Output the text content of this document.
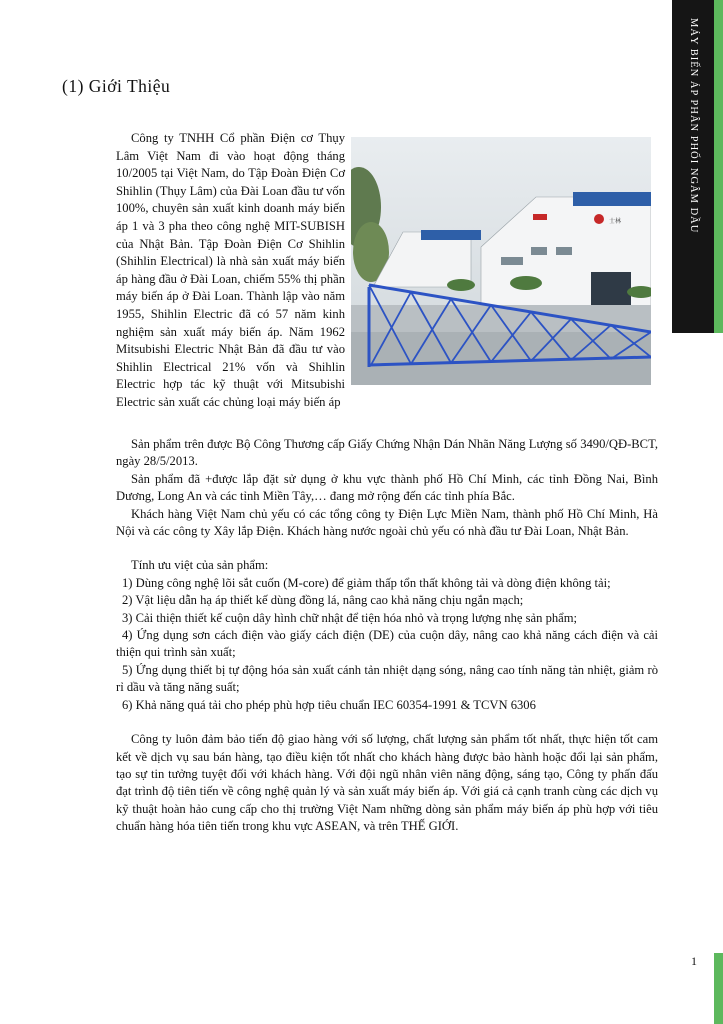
MÁY BIẾN ÁP PHÂN PHỐI NGÂM DẦU
(1) Giới Thiệu

Công ty TNHH Cổ phần Điện cơ Thụy Lâm Việt Nam đi vào hoạt động tháng 10/2005 tại Việt Nam, do Tập Đoàn Điện Cơ Shihlin (Thụy Lâm) của Đài Loan đầu tư vốn 100%, chuyên sản xuất kinh doanh máy biến áp 1 và 3 pha theo công nghệ MIT-SUBISH của Nhật Bản. Tập Đoàn Điện Cơ Shihlin (Shihlin Electrical) là nhà sản xuất máy biến áp hàng đầu ở Đài Loan, chiếm 55% thị phần máy biến áp ở Đài Loan. Thành lập vào năm 1955, Shihlin Electric đã có 57 năm kinh nghiệm sản xuất máy biến áp. Năm 1962 Mitsubishi Electric Nhật Bản đã đầu tư vào Shihlin Electrical 21% vốn và Shihlin Electric hợp tác kỹ thuật với Mitsubishi Electric sản xuất các chủng loại máy biến áp

士林

Sản phẩm trên được Bộ Công Thương cấp Giấy Chứng Nhận Dán Nhãn Năng Lượng số 3490/QĐ-BCT, ngày 28/5/2013.

Sản phẩm đã +được lắp đặt sử dụng ở khu vực thành phố Hồ Chí Minh, các tỉnh Đồng Nai, Bình Dương, Long An và các tỉnh Miền Tây,… đang mở rộng đến các tỉnh phía Bắc.

Khách hàng Việt Nam chủ yếu có các tổng công ty Điện Lực Miền Nam, thành phố Hồ Chí Minh, Hà Nội và các công ty Xây lắp Điện. Khách hàng nước ngoài chủ yếu có nhà đầu tư Đài Loan, Nhật Bản.

Tính ưu việt của sản phẩm:

1) Dùng công nghệ lõi sắt cuốn (M-core) để giảm thấp tổn thất không tải và dòng điện không tải;

2) Vật liệu dẫn hạ áp thiết kế dùng đồng lá, nâng cao khả năng chịu ngắn mạch;

3) Cải thiện thiết kế cuộn dây hình chữ nhật để tiện hóa nhỏ và trọng lượng nhẹ sản phẩm;

4) Ứng dụng sơn cách điện vào giấy cách điện (DE) của cuộn dây, nâng cao khả năng cách điện và cải thiện qui trình sản xuất;

5) Ứng dụng thiết bị tự động hóa sản xuất cánh tản nhiệt dạng sóng, nâng cao tính năng tản nhiệt, giảm rò rỉ dầu và tăng năng suất;

6) Khả năng quá tải cho phép phù hợp tiêu chuẩn IEC 60354-1991 & TCVN 6306

Công ty luôn đảm bảo tiến độ giao hàng với số lượng, chất lượng sản phẩm tốt nhất, thực hiện tốt cam kết về dịch vụ sau bán hàng, tạo điều kiện tốt nhất cho khách hàng được bảo hành hoặc đổi lại sản phẩm, tạo sự tin tưởng tuyệt đối với khách hàng. Với đội ngũ nhân viên năng động, sáng tạo, Công ty phấn đấu đạt trình độ tiên tiến về công nghệ quản lý và sản xuất máy biến áp. Với giá cả cạnh tranh cùng các dịch vụ kỹ thuật hoàn hảo cung cấp cho thị trường Việt Nam những dòng sản phẩm máy biến áp phù hợp với tiêu chuẩn hàng hóa tiên tiến trong khu vực ASEAN, và trên THẾ GIỚI.

1
